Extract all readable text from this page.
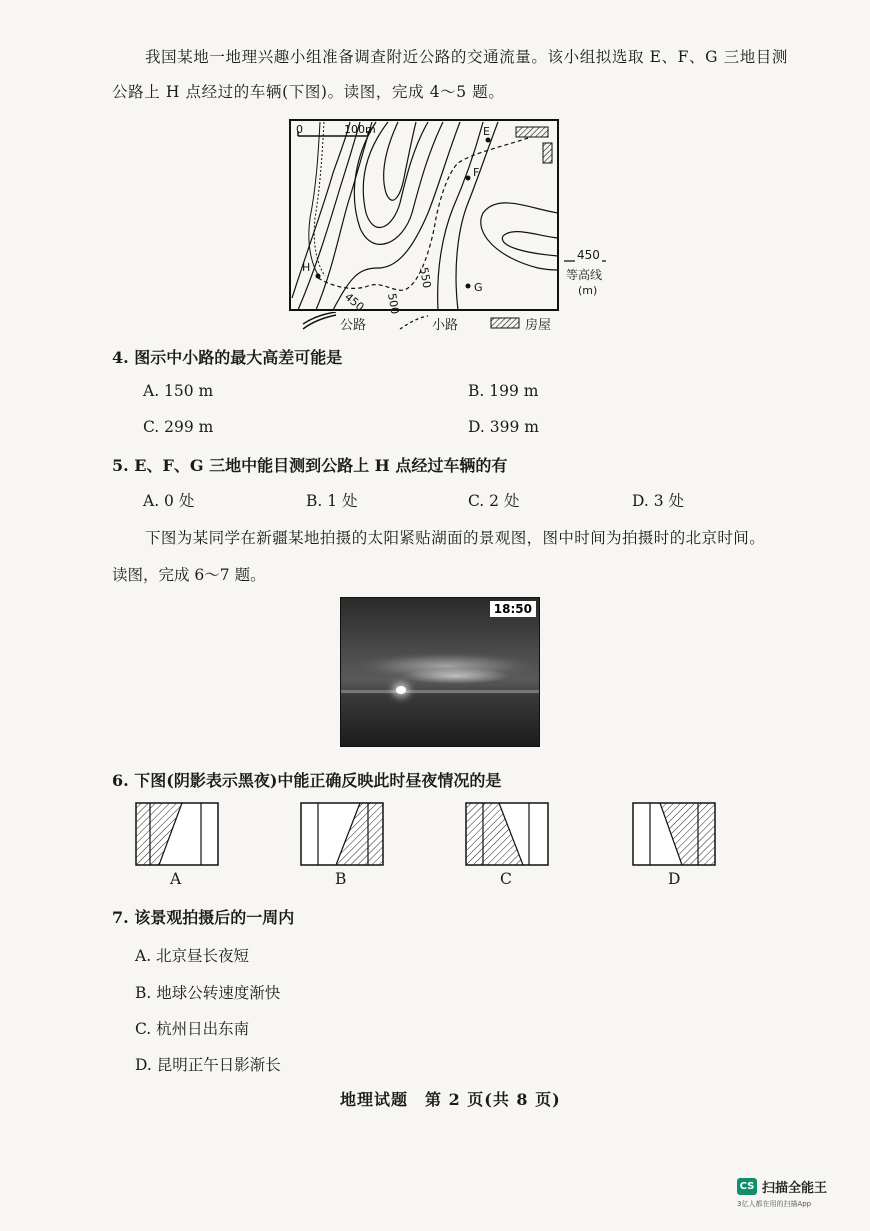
我国某地一地理兴趣小组准备调查附近公路的交通流量。该小组拟选取 E、F、G 三地目测
公路上 H 点经过的车辆(下图)。读图，完成 4～5 题。
0	100m	E
F
G
H
450 500
550
450
等高线
(m)
公路	小路	房屋
4. 图示中小路的最大高差可能是
A. 150 m	B. 199 m
C. 299 m	D. 399 m
5. E、F、G 三地中能目测到公路上 H 点经过车辆的有
A. 0 处	B. 1 处	C. 2 处	D. 3 处
下图为某同学在新疆某地拍摄的太阳紧贴湖面的景观图，图中时间为拍摄时的北京时间。
读图，完成 6～7 题。
18:50
6. 下图(阴影表示黑夜)中能正确反映此时昼夜情况的是
A	B	C	D
7. 该景观拍摄后的一周内
A. 北京昼长夜短
B. 地球公转速度渐快
C. 杭州日出东南
D. 昆明正午日影渐长
地理试题　第 2 页(共 8 页)
CS 扫描全能王
3亿人都在用的扫描App
